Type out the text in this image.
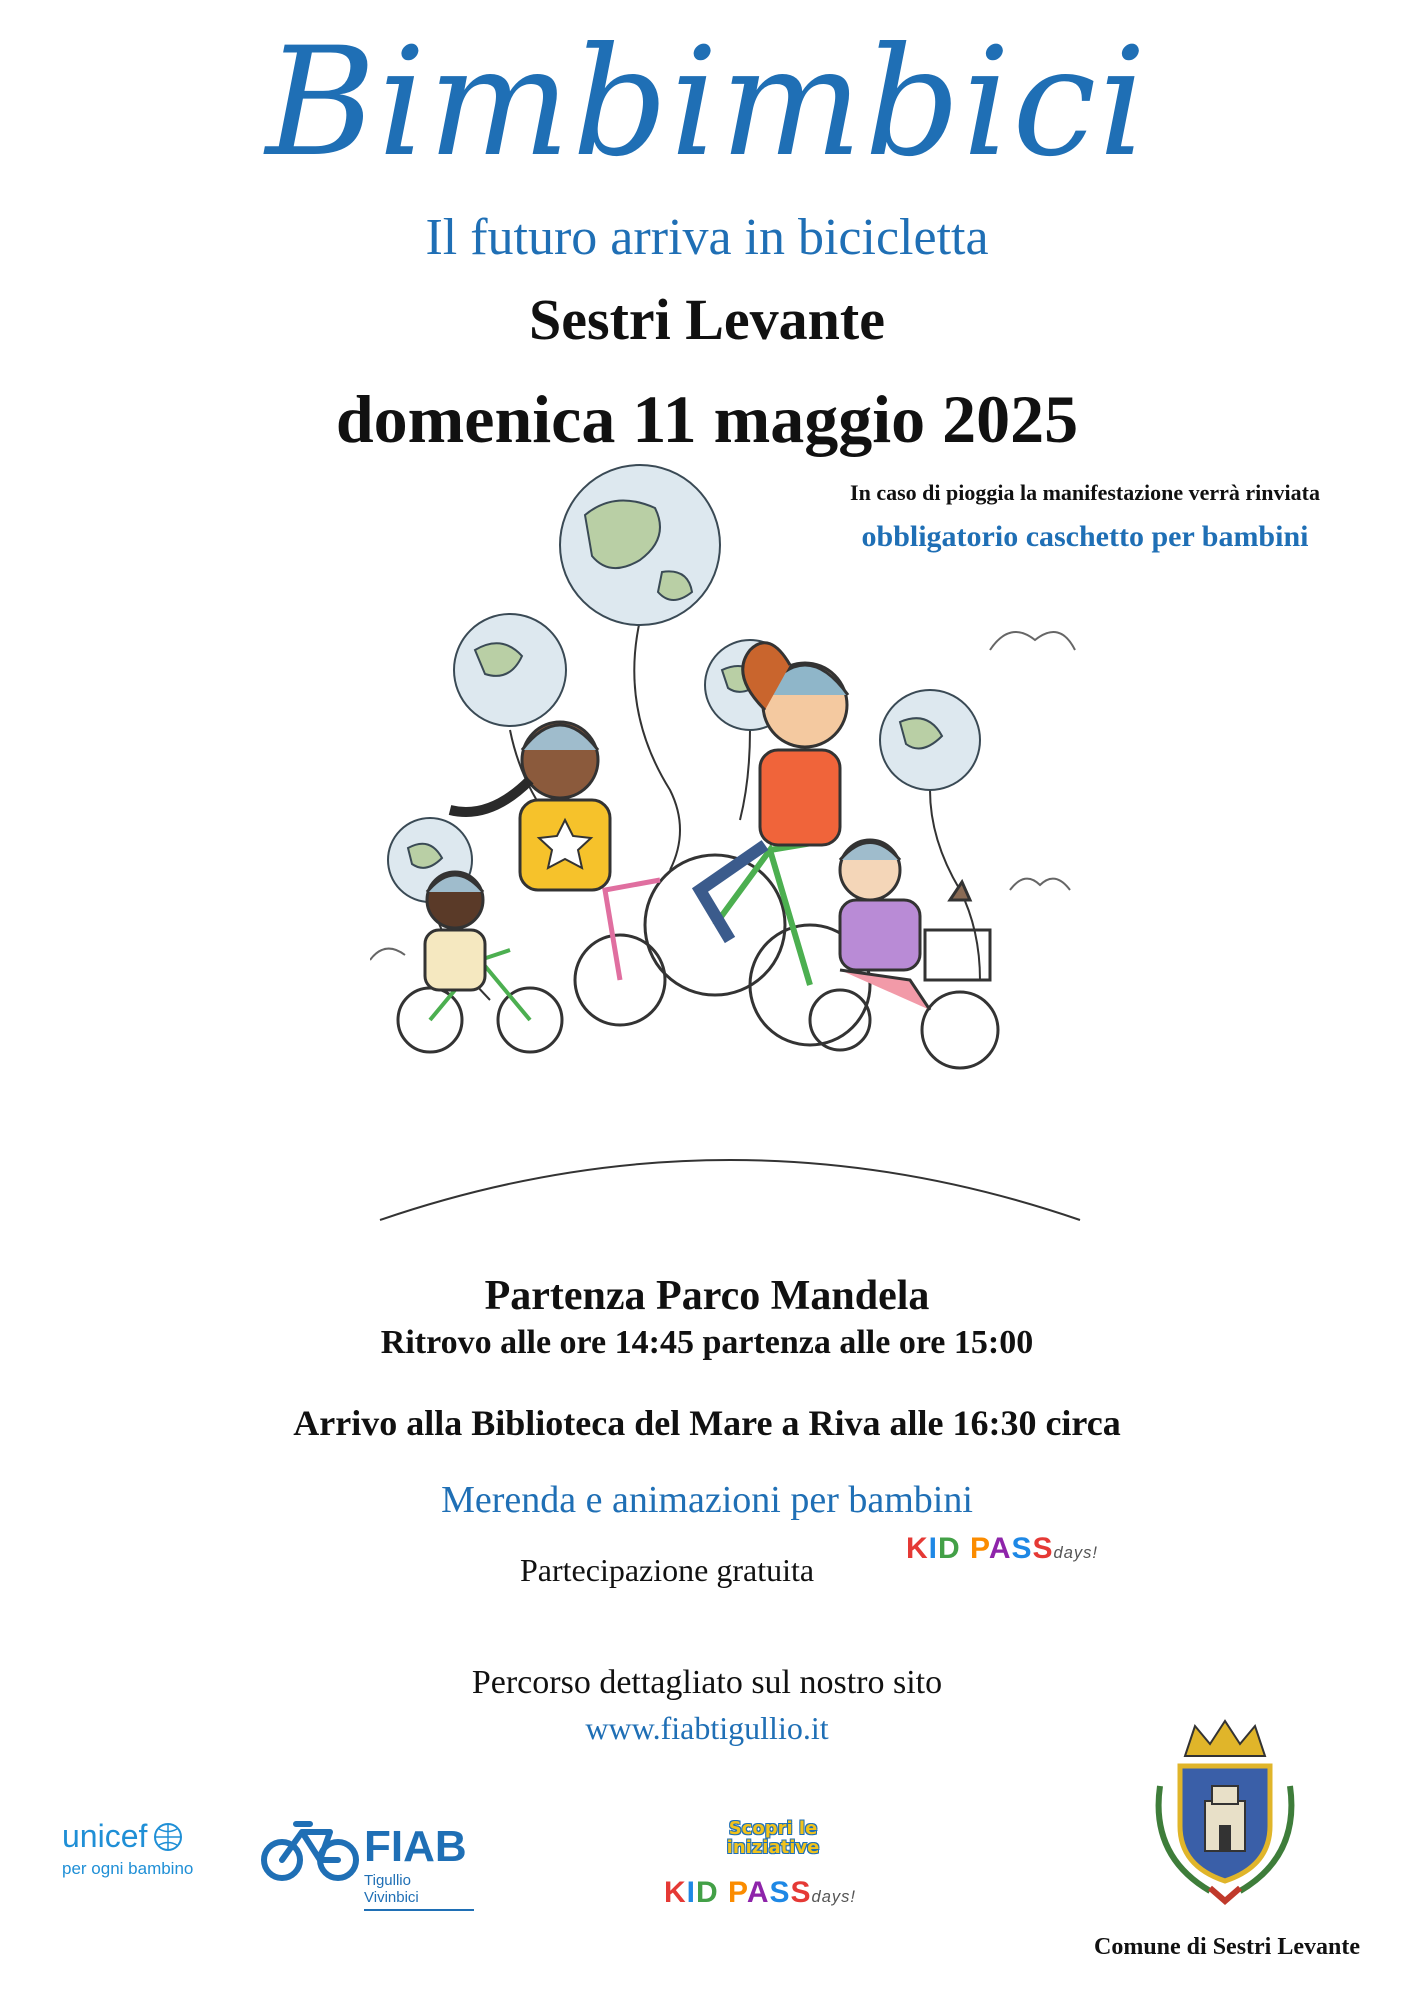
Bimbimbici
Il futuro arriva in bicicletta
Sestri Levante
domenica 11 maggio 2025
In caso di pioggia la manifestazione verrà rinviata
obbligatorio caschetto per bambini
Partenza Parco Mandela
Ritrovo alle ore 14:45 partenza alle ore 15:00
Arrivo alla Biblioteca del Mare a Riva alle 16:30 circa
Merenda e animazioni per bambini
Partecipazione gratuita
KID PASSdays!
Percorso dettagliato sul nostro sito
www.fiabtigullio.it
unicef
per ogni bambino	FIAB
Tigullio
Vivinbici
Scopri le
iniziative
KID PASSdays!
Comune di Sestri Levante
